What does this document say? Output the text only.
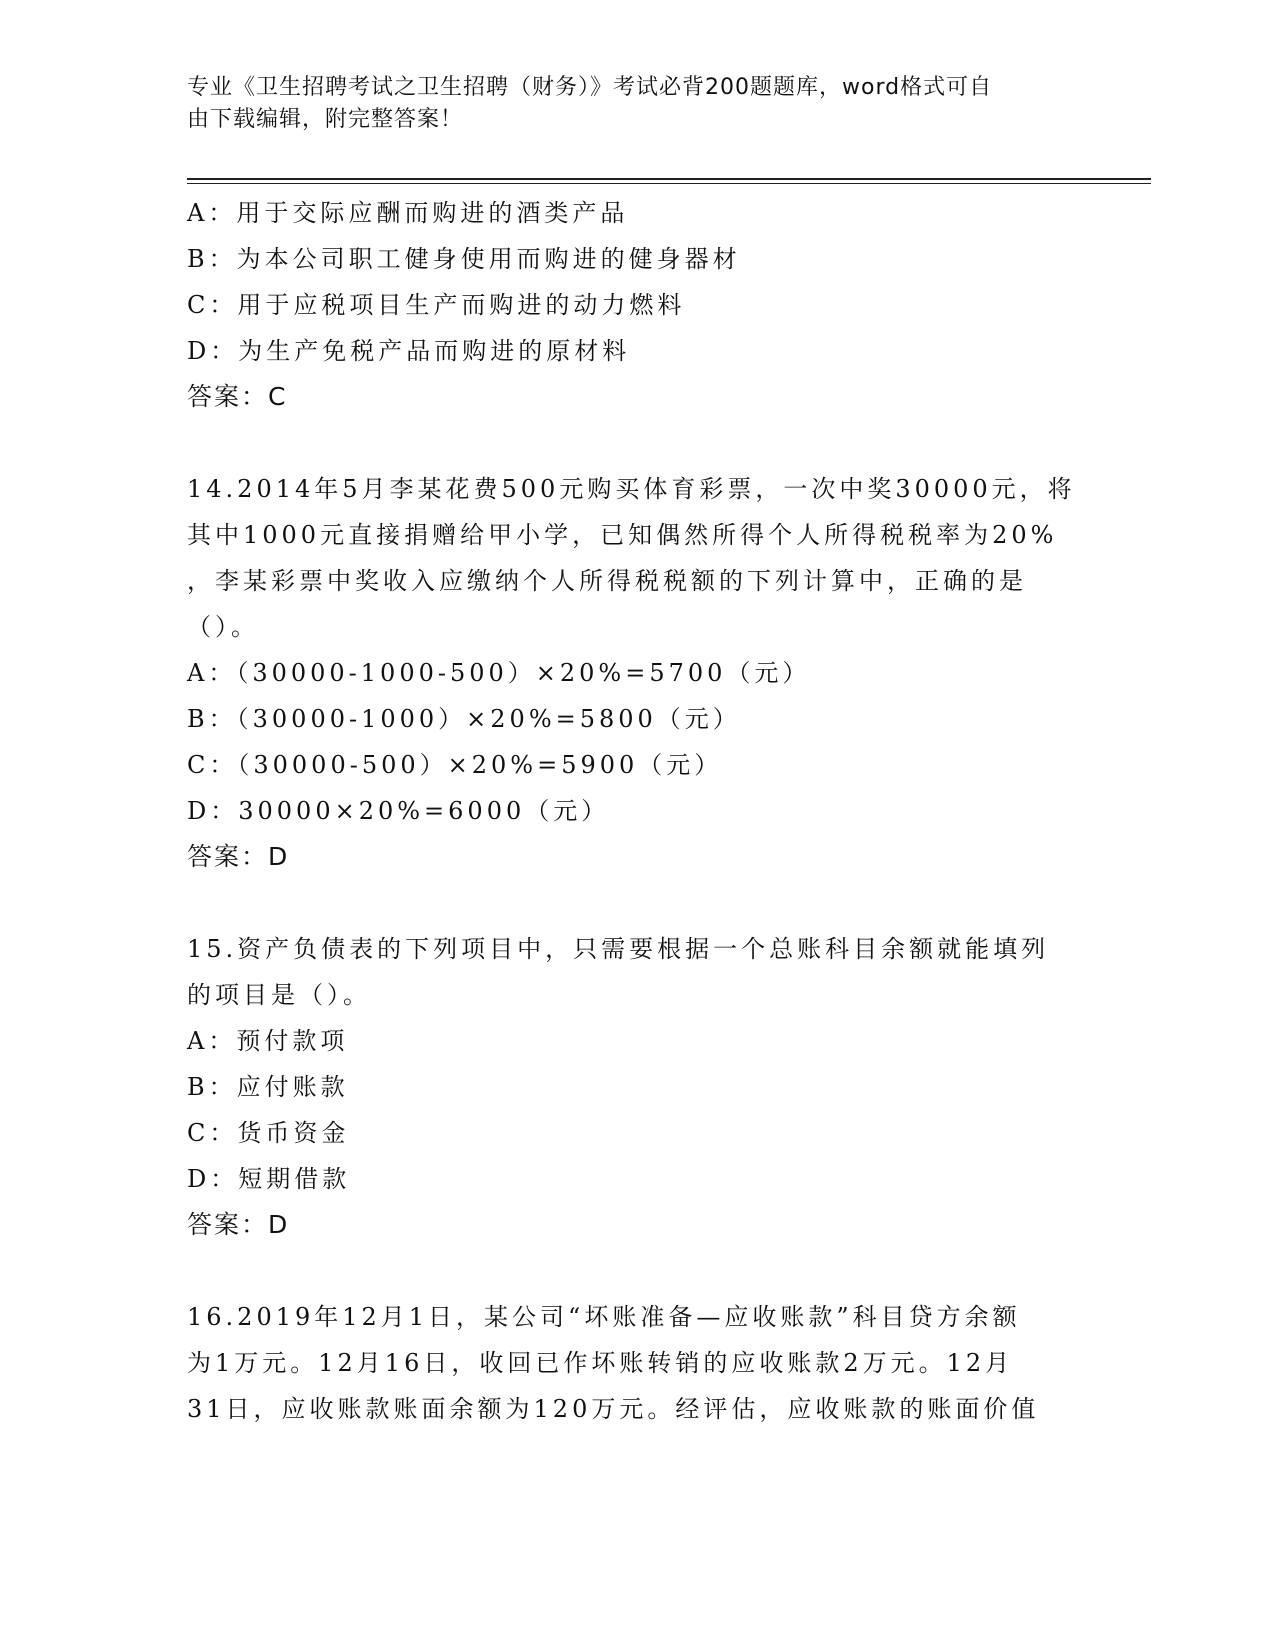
专业《卫生招聘考试之卫生招聘（财务）》考试必背200题题库，word格式可自
由下载编辑，附完整答案！
A：用于交际应酬而购进的酒类产品
B：为本公司职工健身使用而购进的健身器材
C：用于应税项目生产而购进的动力燃料
D：为生产免税产品而购进的原材料
答案：C
14.2014年5月李某花费500元购买体育彩票，一次中奖30000元，将
其中1000元直接捐赠给甲小学，已知偶然所得个人所得税税率为20%
，李某彩票中奖收入应缴纳个人所得税税额的下列计算中，正确的是
（）。
A：（30000-1000-500）×20%=5700（元）
B：（30000-1000）×20%=5800（元）
C：（30000-500）×20%=5900（元）
D：30000×20%=6000（元）
答案：D
15.资产负债表的下列项目中，只需要根据一个总账科目余额就能填列
的项目是（）。
A：预付款项
B：应付账款
C：货币资金
D：短期借款
答案：D
16.2019年12月1日，某公司“坏账准备—应收账款”科目贷方余额
为1万元。12月16日，收回已作坏账转销的应收账款2万元。12月
31日，应收账款账面余额为120万元。经评估，应收账款的账面价值
